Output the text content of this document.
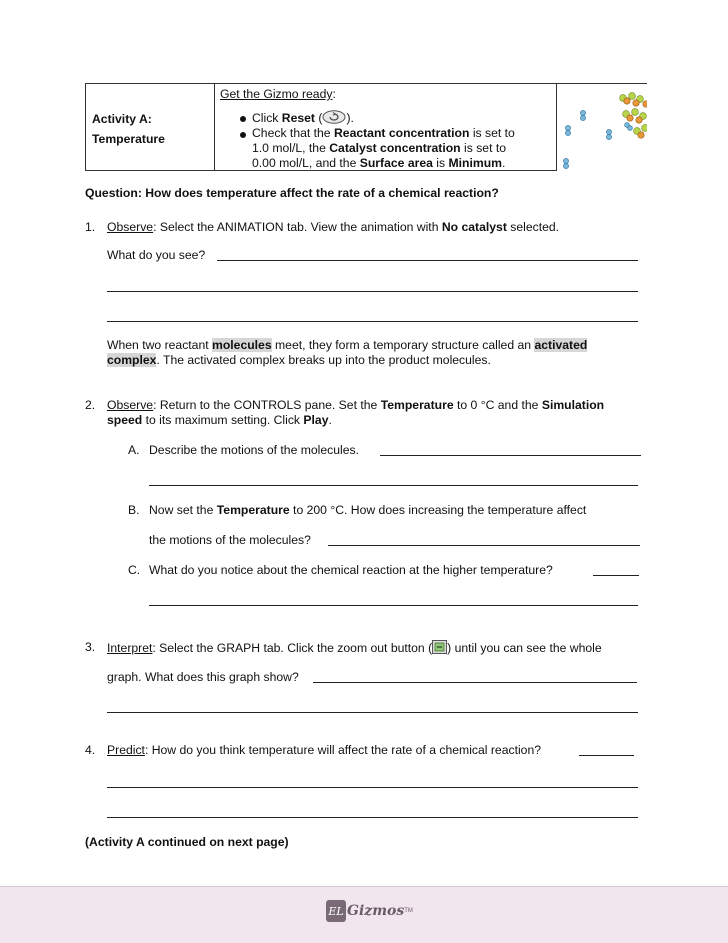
Activity A:
Temperature
Get the Gizmo ready:
Click Reset ( ).
Check that the Reactant concentration is set to
1.0 mol/L, the Catalyst concentration is set to
0.00 mol/L, and the Surface area is Minimum.
Question: How does temperature affect the rate of a chemical reaction?
1. Observe: Select the ANIMATION tab. View the animation with No catalyst selected.
What do you see?
When two reactant molecules meet, they form a temporary structure called an activated
complex. The activated complex breaks up into the product molecules.
2. Observe: Return to the CONTROLS pane. Set the Temperature to 0 °C and the Simulation
speed to its maximum setting. Click Play.
A. Describe the motions of the molecules.
B. Now set the Temperature to 200 °C. How does increasing the temperature affect
the motions of the molecules?
C. What do you notice about the chemical reaction at the higher temperature?
3. Interpret: Select the GRAPH tab. Click the zoom out button ( ) until you can see the whole
graph. What does this graph show?
4. Predict: How do you think temperature will affect the rate of a chemical reaction?
(Activity A continued on next page)
EL Gizmos TM
